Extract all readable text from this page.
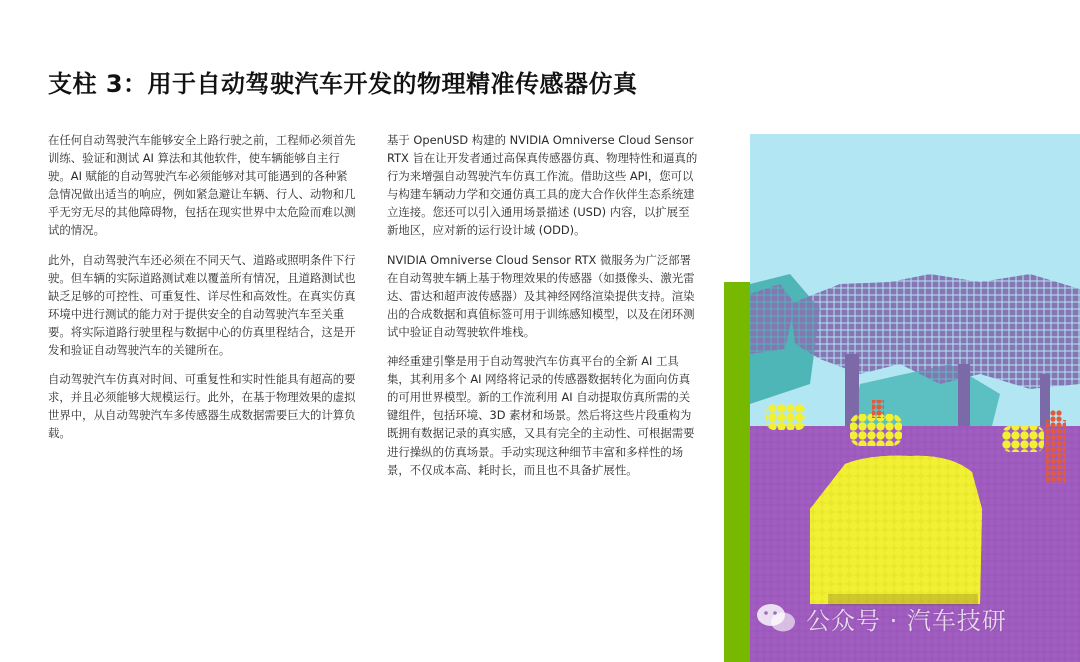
支柱 3：用于自动驾驶汽车开发的物理精准传感器仿真

在任何自动驾驶汽车能够安全上路行驶之前，工程师必须首先训练、验证和测试 AI 算法和其他软件，使车辆能够自主行驶。AI 赋能的自动驾驶汽车必须能够对其可能遇到的各种紧急情况做出适当的响应，例如紧急避让车辆、行人、动物和几乎无穷无尽的其他障碍物，包括在现实世界中太危险而难以测试的情况。

此外，自动驾驶汽车还必须在不同天气、道路或照明条件下行驶。但车辆的实际道路测试难以覆盖所有情况，且道路测试也缺乏足够的可控性、可重复性、详尽性和高效性。在真实仿真环境中进行测试的能力对于提供安全的自动驾驶汽车至关重要。将实际道路行驶里程与数据中心的仿真里程结合，这是开发和验证自动驾驶汽车的关键所在。

自动驾驶汽车仿真对时间、可重复性和实时性能具有超高的要求，并且必须能够大规模运行。此外，在基于物理效果的虚拟世界中，从自动驾驶汽车多传感器生成数据需要巨大的计算负载。

基于 OpenUSD 构建的 NVIDIA Omniverse Cloud Sensor RTX 旨在让开发者通过高保真传感器仿真、物理特性和逼真的行为来增强自动驾驶汽车仿真工作流。借助这些 API，您可以与构建车辆动力学和交通仿真工具的庞大合作伙伴生态系统建立连接。您还可以引入通用场景描述 (USD) 内容，以扩展至新地区，应对新的运行设计域 (ODD)。

NVIDIA Omniverse Cloud Sensor RTX 微服务为广泛部署在自动驾驶车辆上基于物理效果的传感器（如摄像头、激光雷达、雷达和超声波传感器）及其神经网络渲染提供支持。渲染出的合成数据和真值标签可用于训练感知模型，以及在闭环测试中验证自动驾驶软件堆栈。

神经重建引擎是用于自动驾驶汽车仿真平台的全新 AI 工具集，其利用多个 AI 网络将记录的传感器数据转化为面向仿真的可用世界模型。新的工作流利用 AI 自动提取仿真所需的关键组件，包括环境、3D 素材和场景。然后将这些片段重构为既拥有数据记录的真实感，又具有完全的主动性、可根据需要进行操纵的仿真场景。手动实现这种细节丰富和多样性的场景，不仅成本高、耗时长，而且也不具备扩展性。

公众号 · 汽车技研
